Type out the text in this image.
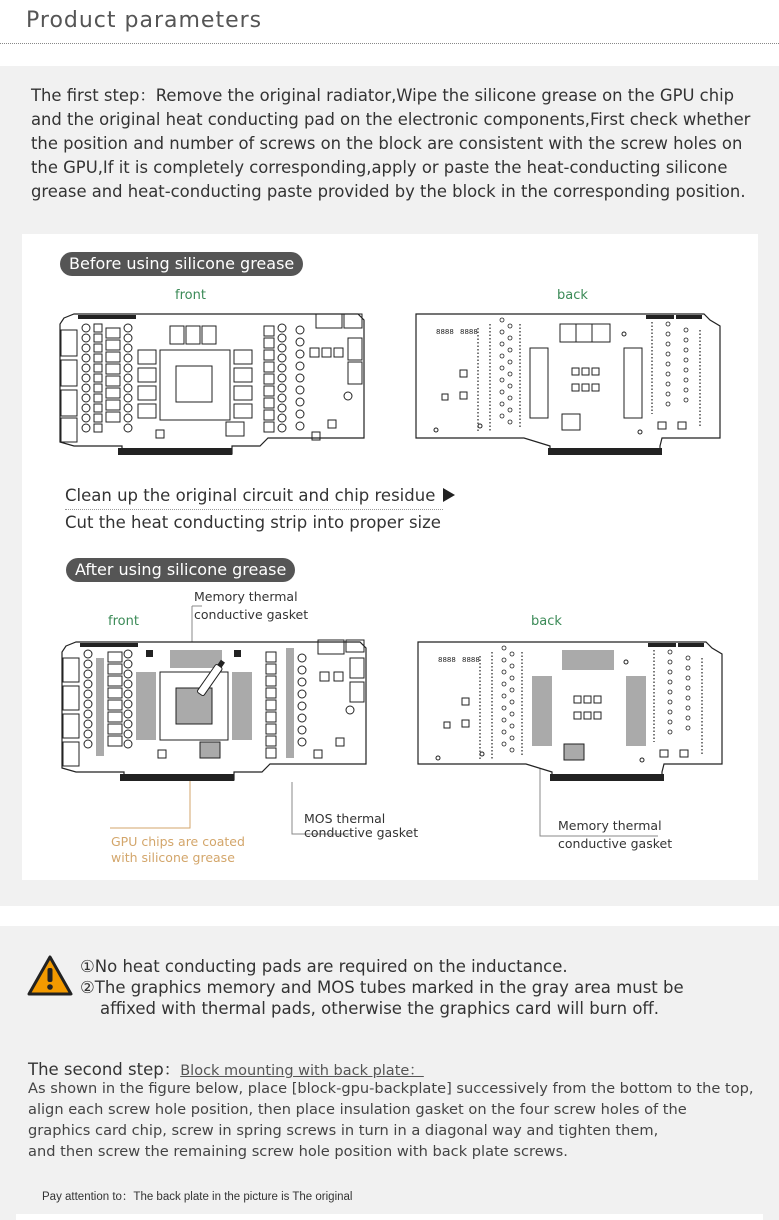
Product parameters
The first step：Remove the original radiator,Wipe the silicone grease on the GPU chip and the original heat conducting pad on the electronic components,First check whether the position and number of screws on the block are consistent with the screw holes on the GPU,If it is completely corresponding,apply or paste the heat-conducting silicone grease and heat-conducting paste provided by the block in the corresponding position.
Before using silicone grease
front	back
8888 8888
Clean up the original circuit and chip residue
Cut the heat conducting strip into proper size
After using silicone grease
Memory thermal
conductive gasket
front	back
8888 8888
GPU chips are coated
with silicone grease
MOS thermal
conductive gasket	Memory thermal
conductive gasket
①No heat conducting pads are required on the inductance.
②The graphics memory and MOS tubes marked in the gray area must be
affixed with thermal pads, otherwise the graphics card will burn off.
The second step：Block mounting with back plate：
As shown in the figure below, place [block-gpu-backplate] successively from the bottom to the top,
align each screw hole position, then place insulation gasket on the four screw holes of the
graphics card chip, screw in spring screws in turn in a diagonal way and tighten them,
and then screw the remaining screw hole position with back plate screws.
Pay attention to：The back plate in the picture is The original
